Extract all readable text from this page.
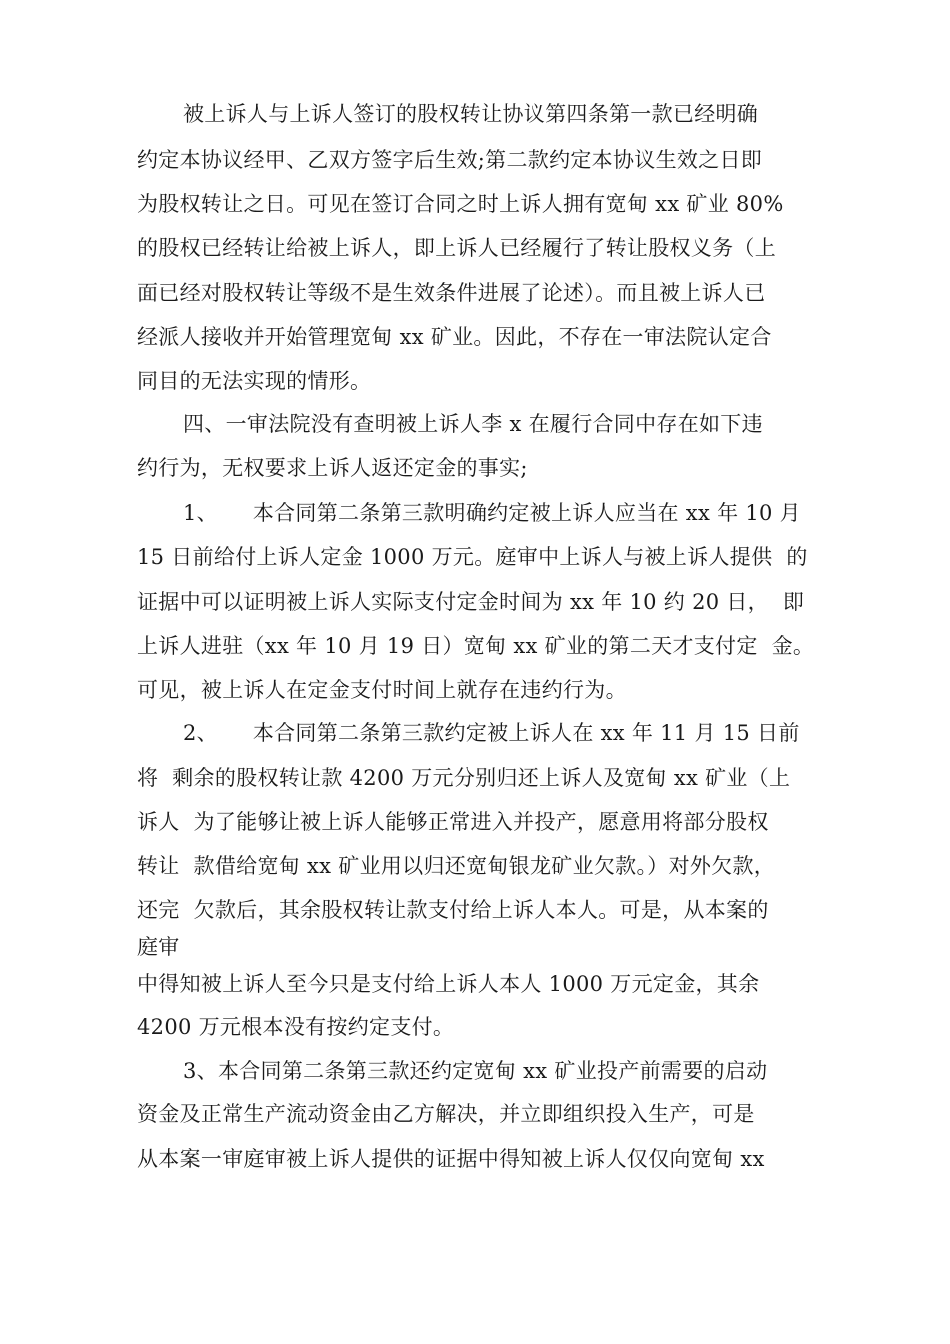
被上诉人与上诉人签订的股权转让协议第四条第一款已经明确
约定本协议经甲、乙双方签字后生效;第二款约定本协议生效之日即
为股权转让之日。可见在签订合同之时上诉人拥有宽甸 xx 矿业 80%
的股权已经转让给被上诉人，即上诉人已经履行了转让股权义务（上
面已经对股权转让等级不是生效条件进展了论述）。而且被上诉人已
经派人接收并开始管理宽甸 xx 矿业。因此，不存在一审法院认定合
同目的无法实现的情形。
四、一审法院没有查明被上诉人李 x 在履行合同中存在如下违
约行为，无权要求上诉人返还定金的事实;
1、     本合同第二条第三款明确约定被上诉人应当在 xx 年 10 月
15 日前给付上诉人定金 1000 万元。庭审中上诉人与被上诉人提供  的
证据中可以证明被上诉人实际支付定金时间为 xx 年 10 约 20 日，  即
上诉人进驻（xx 年 10 月 19 日）宽甸 xx 矿业的第二天才支付定  金。
可见，被上诉人在定金支付时间上就存在违约行为。
2、     本合同第二条第三款约定被上诉人在 xx 年 11 月 15 日前
将  剩余的股权转让款 4200 万元分别归还上诉人及宽甸 xx 矿业（上
诉人  为了能够让被上诉人能够正常进入并投产，愿意用将部分股权
转让  款借给宽甸 xx 矿业用以归还宽甸银龙矿业欠款。）对外欠款，
还完  欠款后，其余股权转让款支付给上诉人本人。可是，从本案的
庭审
中得知被上诉人至今只是支付给上诉人本人 1000 万元定金，其余
4200 万元根本没有按约定支付。
3、本合同第二条第三款还约定宽甸 xx 矿业投产前需要的启动
资金及正常生产流动资金由乙方解决，并立即组织投入生产，可是
从本案一审庭审被上诉人提供的证据中得知被上诉人仅仅向宽甸 xx
